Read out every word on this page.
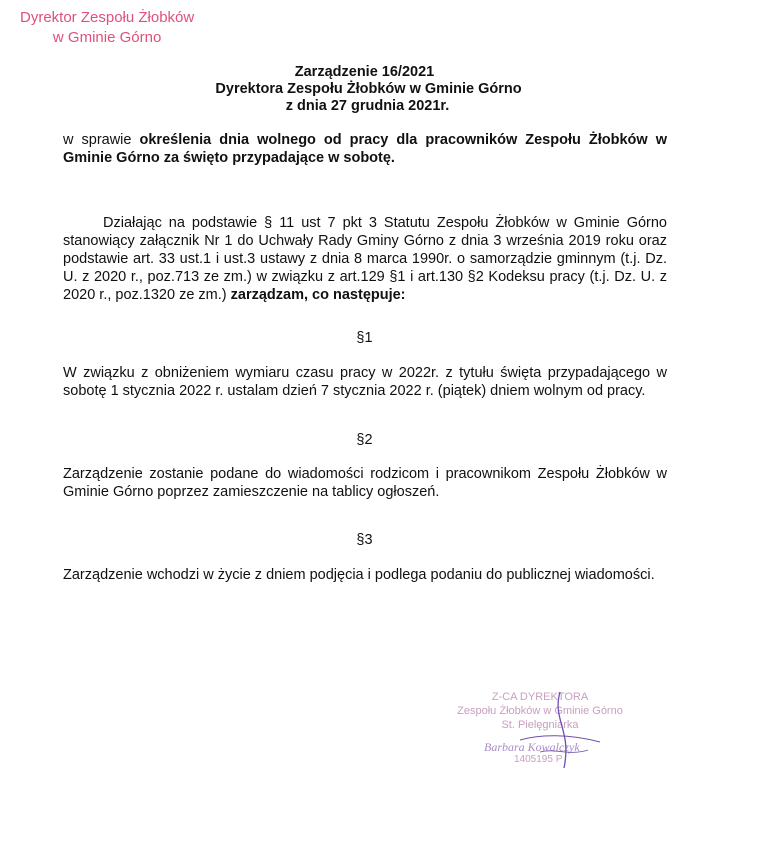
Dyrektor Zespołu Żłobków
w Gminie Górno
Zarządzenie 16/2021
Dyrektora Zespołu Żłobków w Gminie Górno
z dnia 27 grudnia 2021r.
w sprawie określenia dnia wolnego od pracy dla pracowników Zespołu Żłobków w Gminie Górno za święto przypadające w sobotę.
Działając na podstawie § 11 ust 7 pkt 3 Statutu Zespołu Żłobków w Gminie Górno stanowiący załącznik Nr 1 do Uchwały Rady Gminy Górno z dnia 3 września 2019 roku oraz podstawie art. 33 ust.1 i ust.3 ustawy z dnia 8 marca 1990r. o samorządzie gminnym (t.j. Dz. U. z 2020 r., poz.713 ze zm.) w związku z art.129 §1 i art.130 §2 Kodeksu pracy (t.j. Dz. U. z 2020 r., poz.1320 ze zm.) zarządzam, co następuje:
§1
W związku z obniżeniem wymiaru czasu pracy w 2022r. z tytułu święta przypadającego w sobotę 1 stycznia 2022 r. ustalam dzień 7 stycznia 2022 r. (piątek) dniem wolnym od pracy.
§2
Zarządzenie zostanie podane do wiadomości rodzicom i pracownikom Zespołu Żłobków w Gminie Górno poprzez zamieszczenie na tablicy ogłoszeń.
§3
Zarządzenie wchodzi w życie z dniem podjęcia i podlega podaniu do publicznej wiadomości.
Z-CA DYREKTORA
Zespołu Żłobków w Gminie Górno
St. Pielęgniarka
Barbara Kowalczyk
1405195 P
